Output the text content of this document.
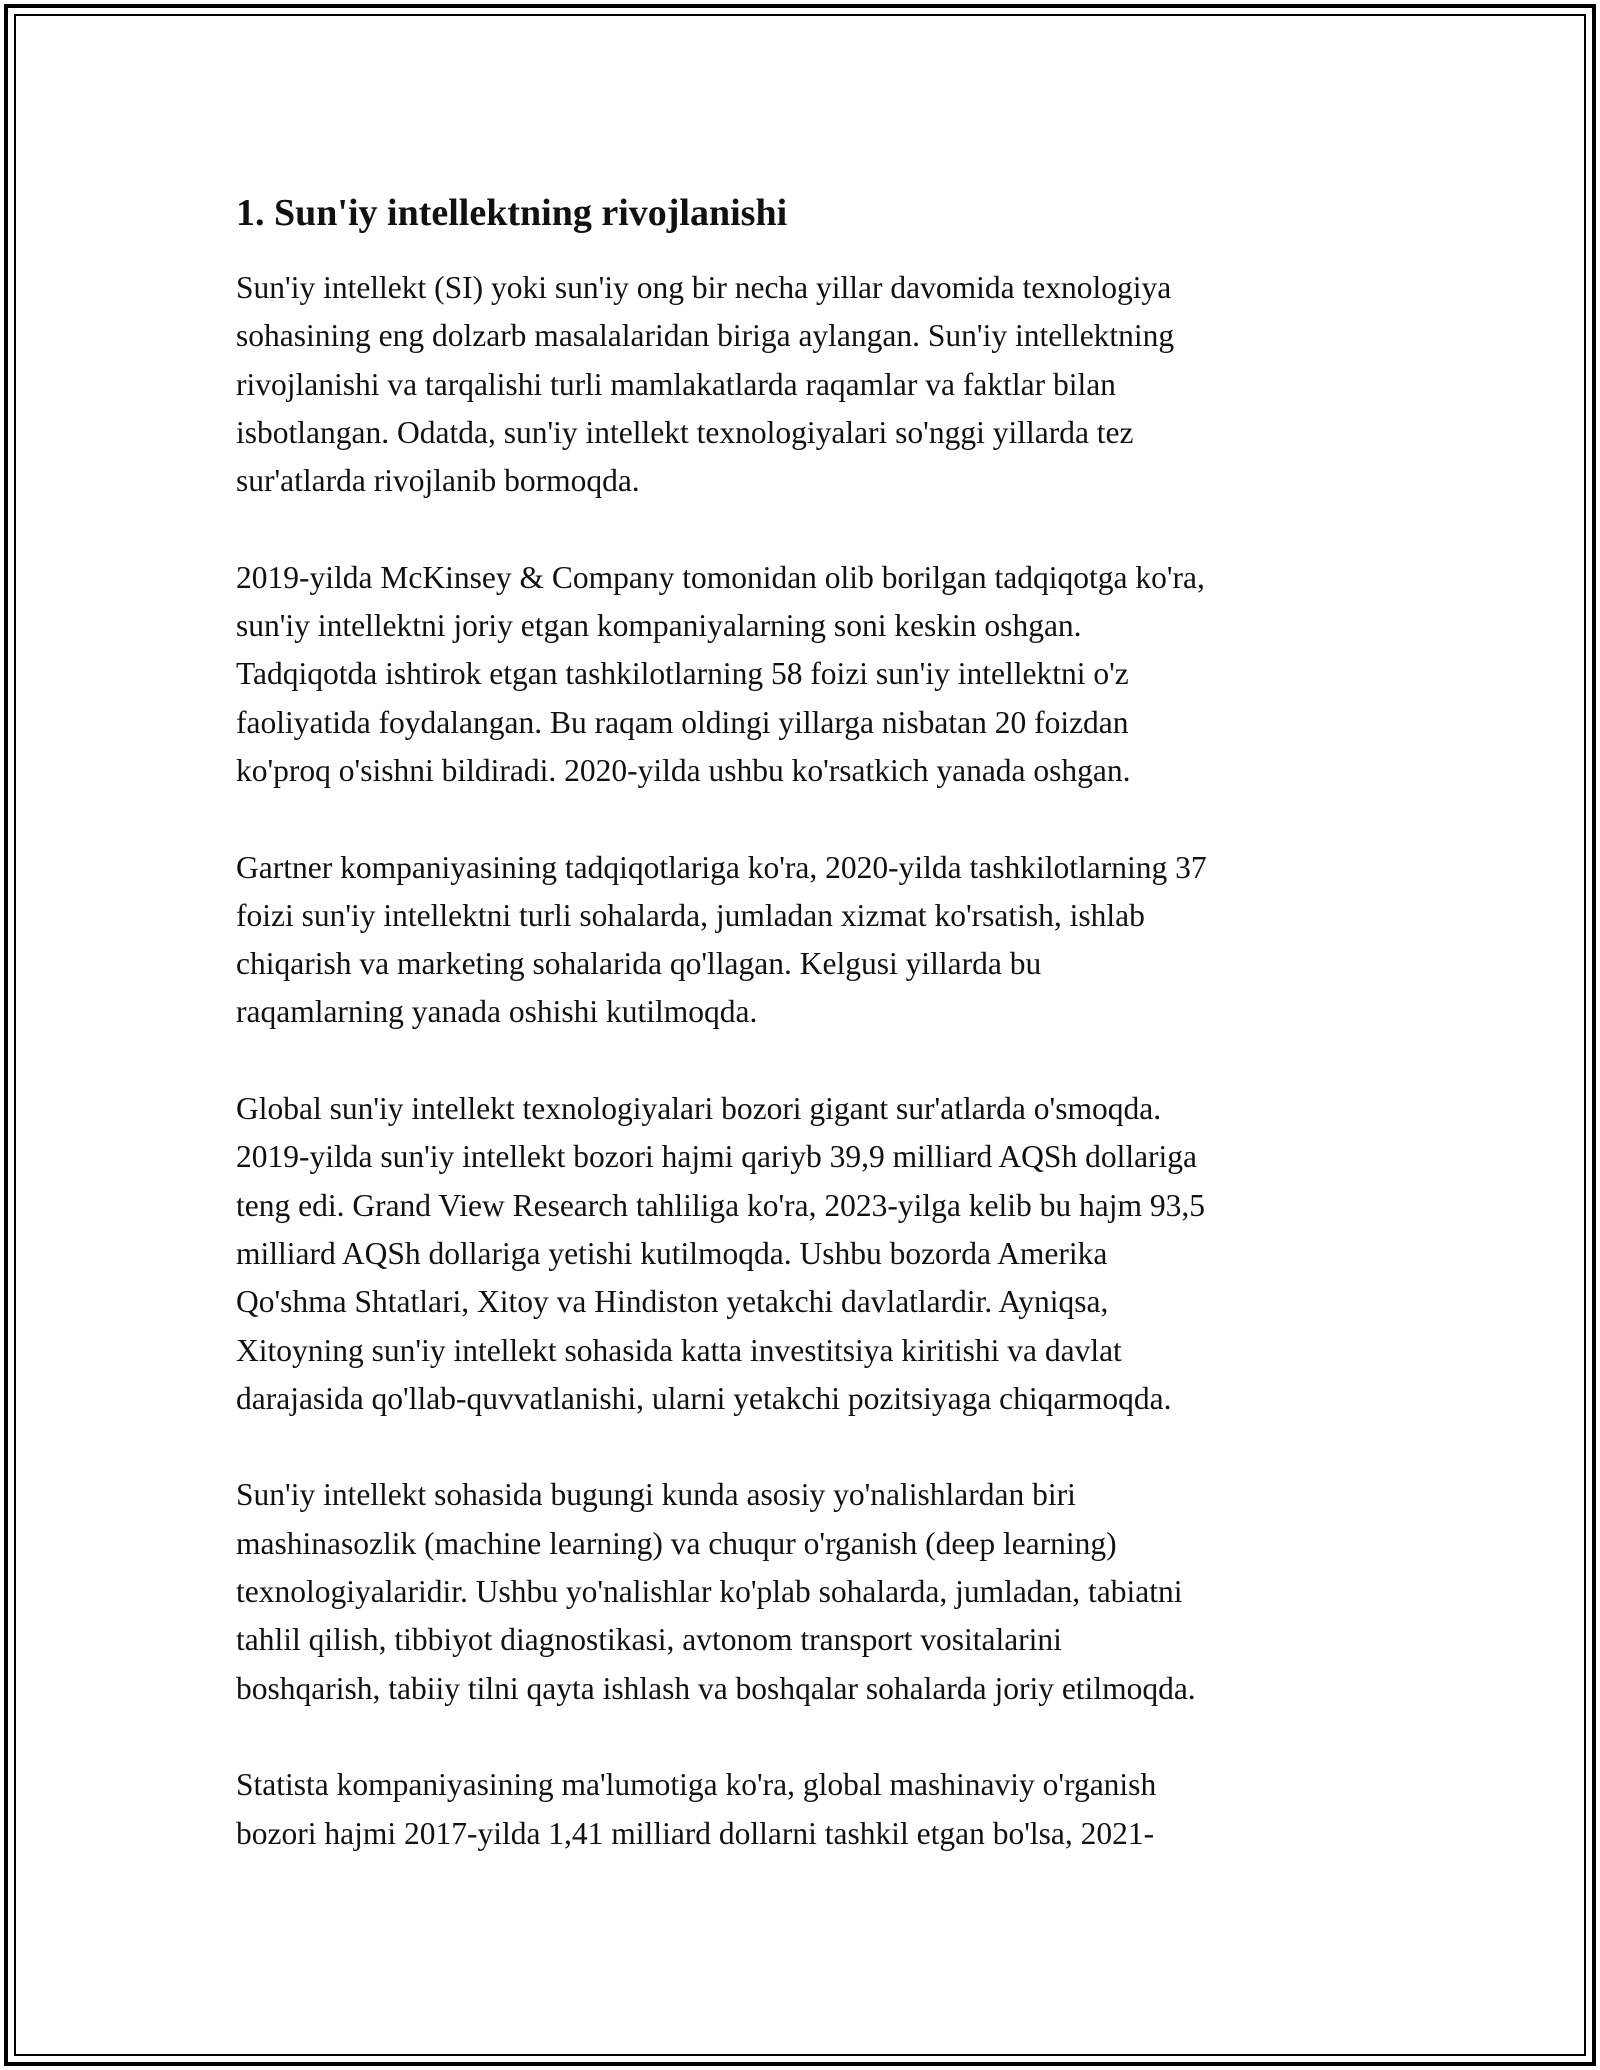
1. Sun'iy intellektning rivojlanishi
Sun'iy intellekt (SI) yoki sun'iy ong bir necha yillar davomida texnologiya
sohasining eng dolzarb masalalaridan biriga aylangan. Sun'iy intellektning
rivojlanishi va tarqalishi turli mamlakatlarda raqamlar va faktlar bilan
isbotlangan. Odatda, sun'iy intellekt texnologiyalari so'nggi yillarda tez
sur'atlarda rivojlanib bormoqda.
2019-yilda McKinsey & Company tomonidan olib borilgan tadqiqotga ko'ra,
sun'iy intellektni joriy etgan kompaniyalarning soni keskin oshgan.
Tadqiqotda ishtirok etgan tashkilotlarning 58 foizi sun'iy intellektni o'z
faoliyatida foydalangan. Bu raqam oldingi yillarga nisbatan 20 foizdan
ko'proq o'sishni bildiradi. 2020-yilda ushbu ko'rsatkich yanada oshgan.
Gartner kompaniyasining tadqiqotlariga ko'ra, 2020-yilda tashkilotlarning 37
foizi sun'iy intellektni turli sohalarda, jumladan xizmat ko'rsatish, ishlab
chiqarish va marketing sohalarida qo'llagan. Kelgusi yillarda bu
raqamlarning yanada oshishi kutilmoqda.
Global sun'iy intellekt texnologiyalari bozori gigant sur'atlarda o'smoqda.
2019-yilda sun'iy intellekt bozori hajmi qariyb 39,9 milliard AQSh dollariga
teng edi. Grand View Research tahliliga ko'ra, 2023-yilga kelib bu hajm 93,5
milliard AQSh dollariga yetishi kutilmoqda. Ushbu bozorda Amerika
Qo'shma Shtatlari, Xitoy va Hindiston yetakchi davlatlardir. Ayniqsa,
Xitoyning sun'iy intellekt sohasida katta investitsiya kiritishi va davlat
darajasida qo'llab-quvvatlanishi, ularni yetakchi pozitsiyaga chiqarmoqda.
Sun'iy intellekt sohasida bugungi kunda asosiy yo'nalishlardan biri
mashinasozlik (machine learning) va chuqur o'rganish (deep learning)
texnologiyalaridir. Ushbu yo'nalishlar ko'plab sohalarda, jumladan, tabiatni
tahlil qilish, tibbiyot diagnostikasi, avtonom transport vositalarini
boshqarish, tabiiy tilni qayta ishlash va boshqalar sohalarda joriy etilmoqda.
Statista kompaniyasining ma'lumotiga ko'ra, global mashinaviy o'rganish
bozori hajmi 2017-yilda 1,41 milliard dollarni tashkil etgan bo'lsa, 2021-
